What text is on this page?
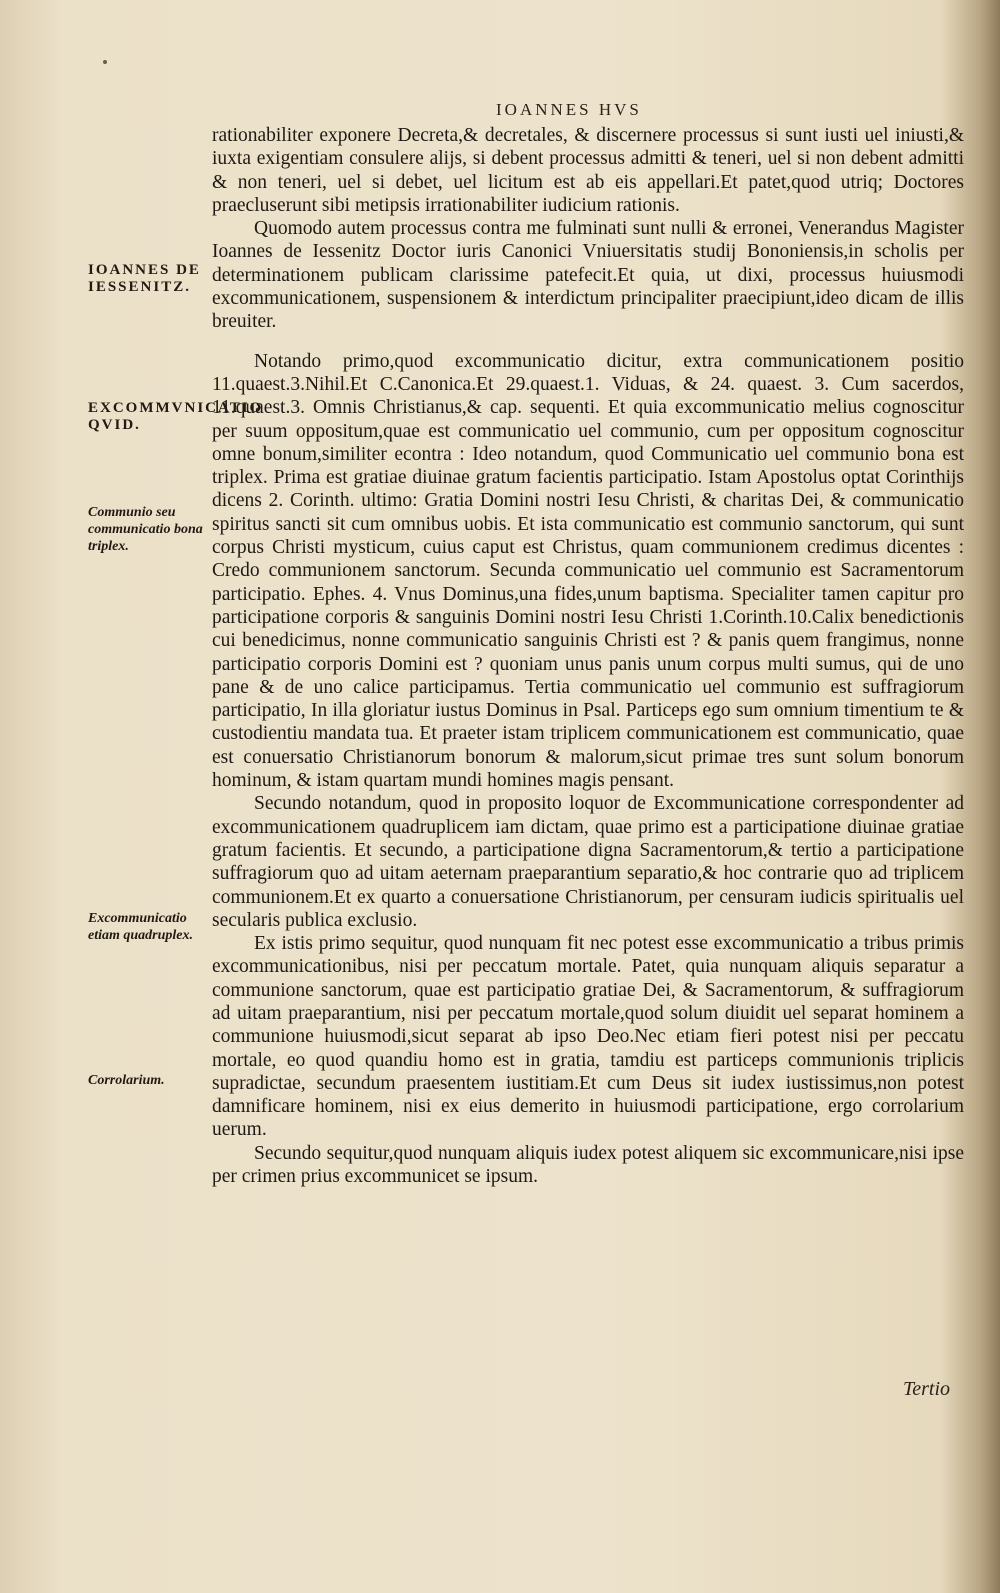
IOANNES HVS
IOANNES DE IESSENITZ.
EXCOMMVNICATIO QVID.
Communio seu communicatio bona triplex.
Excommunicatio etiam quadruplex.
Corrolarium.

rationabiliter exponere Decreta,& decretales, & discernere processus si sunt iusti uel iniusti,& iuxta exigentiam consulere alijs, si debent processus admitti & teneri, uel si non debent admitti & non teneri, uel si debet, uel licitum est ab eis appellari.Et patet,quod utriq; Doctores praecluserunt sibi metipsis irrationabiliter iudicium rationis.

Quomodo autem processus contra me fulminati sunt nulli & erronei, Venerandus Magister Ioannes de Iessenitz Doctor iuris Canonici Vniuersitatis studij Bononiensis,in scholis per determinationem publicam clarissime patefecit.Et quia, ut dixi, processus huiusmodi excommunicationem, suspensionem & interdictum principaliter praecipiunt,ideo dicam de illis breuiter.

Notando primo,quod excommunicatio dicitur, extra communicationem positio 11.quaest.3.Nihil.Et C.Canonica.Et 29.quaest.1. Viduas, & 24. quaest. 3. Cum sacerdos, 11.quaest.3. Omnis Christianus,& cap. sequenti. Et quia excommunicatio melius cognoscitur per suum oppositum,quae est communicatio uel communio, cum per oppositum cognoscitur omne bonum,similiter econtra : Ideo notandum, quod Communicatio uel communio bona est triplex. Prima est gratiae diuinae gratum facientis participatio. Istam Apostolus optat Corinthijs dicens 2. Corinth. ultimo: Gratia Domini nostri Iesu Christi, & charitas Dei, & communicatio spiritus sancti sit cum omnibus uobis. Et ista communicatio est communio sanctorum, qui sunt corpus Christi mysticum, cuius caput est Christus, quam communionem credimus dicentes : Credo communionem sanctorum. Secunda communicatio uel communio est Sacramentorum participatio. Ephes. 4. Vnus Dominus,una fides,unum baptisma. Specialiter tamen capitur pro participatione corporis & sanguinis Domini nostri Iesu Christi 1.Corinth.10.Calix benedictionis cui benedicimus, nonne communicatio sanguinis Christi est ? & panis quem frangimus, nonne participatio corporis Domini est ? quoniam unus panis unum corpus multi sumus, qui de uno pane & de uno calice participamus. Tertia communicatio uel communio est suffragiorum participatio, In illa gloriatur iustus Dominus in Psal. Particeps ego sum omnium timentium te & custodientiu mandata tua. Et praeter istam triplicem communicationem est communicatio, quae est conuersatio Christianorum bonorum & malorum,sicut primae tres sunt solum bonorum hominum, & istam quartam mundi homines magis pensant.

Secundo notandum, quod in proposito loquor de Excommunicatione correspondenter ad excommunicationem quadruplicem iam dictam, quae primo est a participatione diuinae gratiae gratum facientis. Et secundo, a participatione digna Sacramentorum,& tertio a participatione suffragiorum quo ad uitam aeternam praeparantium separatio,& hoc contrarie quo ad triplicem communionem.Et ex quarto a conuersatione Christianorum, per censuram iudicis spiritualis uel secularis publica exclusio.

Ex istis primo sequitur, quod nunquam fit nec potest esse excommunicatio a tribus primis excommunicationibus, nisi per peccatum mortale. Patet, quia nunquam aliquis separatur a communione sanctorum, quae est participatio gratiae Dei, & Sacramentorum, & suffragiorum ad uitam praeparantium, nisi per peccatum mortale,quod solum diuidit uel separat hominem a communione huiusmodi,sicut separat ab ipso Deo.Nec etiam fieri potest nisi per peccatu mortale, eo quod quandiu homo est in gratia, tamdiu est particeps communionis triplicis supradictae, secundum praesentem iustitiam.Et cum Deus sit iudex iustissimus,non potest damnificare hominem, nisi ex eius demerito in huiusmodi participatione, ergo corrolarium uerum.

Secundo sequitur,quod nunquam aliquis iudex potest aliquem sic excommunicare,nisi ipse per crimen prius excommunicet se ipsum.

Tertio
